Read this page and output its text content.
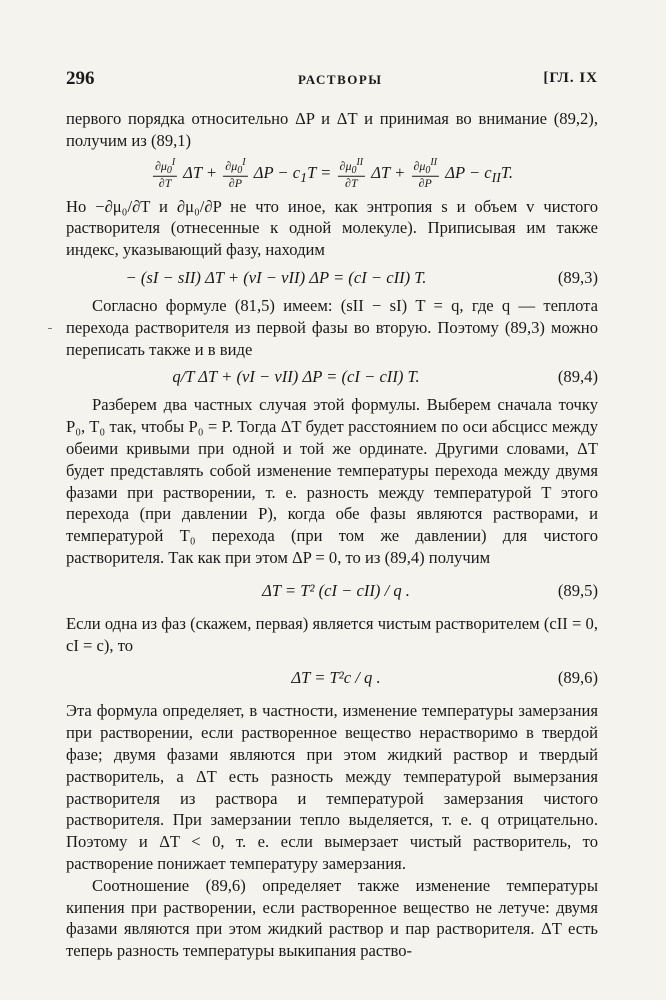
296	РАСТВОРЫ	[ГЛ. IX

первого порядка относительно ΔP и ΔT и принимая во внимание (89,2), получим из (89,1)

$\frac{\partial\mu_0^I}{\partial T}$ $\Delta T + \frac{\partial\mu_0^I}{\partial P}$ $\Delta P - c_1T = \frac{\partial\mu_0^{II}}{\partial T}$ $\Delta T + \frac{\partial\mu_0^{II}}{\partial P}$ $\Delta P - c_{II}T$.

Но −∂μ₀/∂T и ∂μ₀/∂P не что иное, как энтропия s и объем v чистого растворителя (отнесенные к одной молекуле). Приписывая им также индекс, указывающий фазу, находим

− (sI − sII) ΔT + (vI − vII) ΔP = (cI − cII) T.	(89,3)

Согласно формуле (81,5) имеем: (sII − sI) T = q, где q — теплота перехода растворителя из первой фазы во вторую. Поэтому (89,3) можно переписать также и в виде

q/T ΔT + (vI − vII) ΔP = (cI − cII) T.	(89,4)

Разберем два частных случая этой формулы. Выберем сначала точку P₀, T₀ так, чтобы P₀ = P. Тогда ΔT будет расстоянием по оси абсцисс между обеими кривыми при одной и той же ординате. Другими словами, ΔT будет представлять собой изменение температуры перехода между двумя фазами при растворении, т. е. разность между температурой T этого перехода (при давлении P), когда обе фазы являются растворами, и температурой T₀ перехода (при том же давлении) для чистого растворителя. Так как при этом ΔP = 0, то из (89,4) получим

ΔT = T² (cI − cII) / q .	(89,5)

Если одна из фаз (скажем, первая) является чистым растворителем (cII = 0, cI = c), то

ΔT = T²c / q .	(89,6)

Эта формула определяет, в частности, изменение температуры замерзания при растворении, если растворенное вещество нерастворимо в твердой фазе; двумя фазами являются при этом жидкий раствор и твердый растворитель, а ΔT есть разность между температурой вымерзания растворителя из раствора и температурой замерзания чистого растворителя. При замерзании тепло выделяется, т. е. q отрицательно. Поэтому и ΔT < 0, т. е. если вымерзает чистый растворитель, то растворение понижает температуру замерзания.

Соотношение (89,6) определяет также изменение температуры кипения при растворении, если растворенное вещество не летуче: двумя фазами являются при этом жидкий раствор и пар растворителя. ΔT есть теперь разность температуры выкипания раство-
